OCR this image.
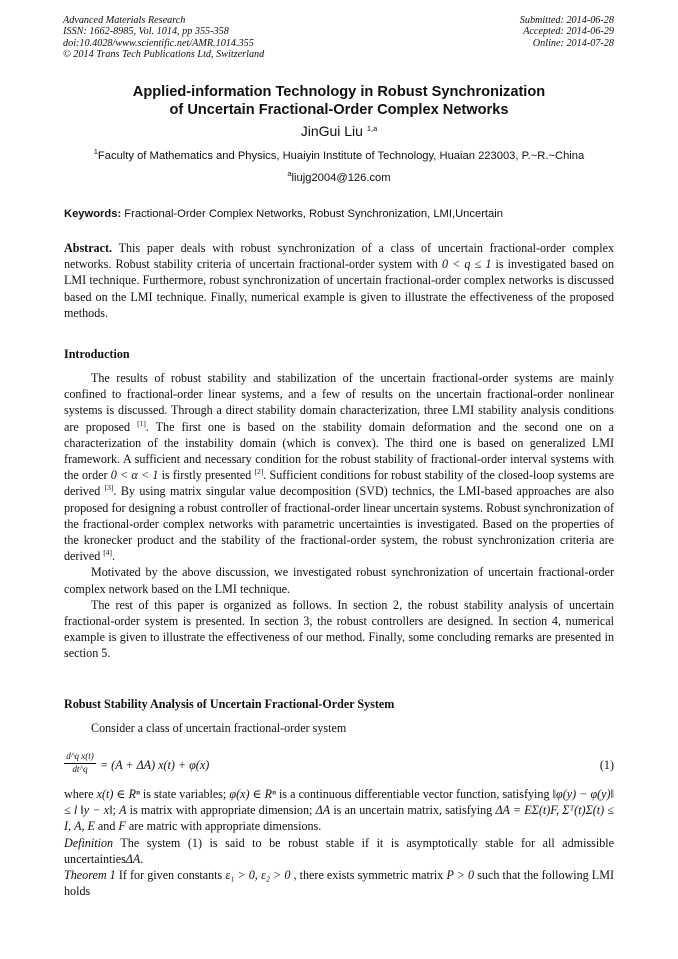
Advanced Materials Research
ISSN: 1662-8985, Vol. 1014, pp 355-358
doi:10.4028/www.scientific.net/AMR.1014.355
© 2014 Trans Tech Publications Ltd, Switzerland
Submitted: 2014-06-28
Accepted: 2014-06-29
Online: 2014-07-28
Applied-information Technology in Robust Synchronization
of Uncertain Fractional-Order Complex Networks
JinGui Liu $^{1,a}$
$^1$Faculty of Mathematics and Physics, Huaiyin Institute of Technology, Huaian 223003, P.~R.~China
$^a$liujg2004@126.com
Keywords: Fractional-Order Complex Networks, Robust Synchronization, LMI,Uncertain

Abstract. This paper deals with robust synchronization of a class of uncertain fractional-order complex networks. Robust stability criteria of uncertain fractional-order system with 0 < q ≤ 1 is investigated based on LMI technique. Furthermore, robust synchronization of uncertain fractional-order complex networks is discussed based on the LMI technique. Finally, numerical example is given to illustrate the effectiveness of the proposed methods.

Introduction

The results of robust stability and stabilization of the uncertain fractional-order systems are mainly confined to fractional-order linear systems, and a few of results on the uncertain fractional-order nonlinear systems is discussed. Through a direct stability domain characterization, three LMI stability analysis conditions are proposed [1]. The first one is based on the stability domain deformation and the second one on a characterization of the instability domain (which is convex). The third one is based on generalized LMI framework. A sufficient and necessary condition for the robust stability of fractional-order interval systems with the order 0 < α < 1 is firstly presented [2]. Sufficient conditions for robust stability of the closed-loop systems are derived [3]. By using matrix singular value decomposition (SVD) technics, the LMI-based approaches are also proposed for designing a robust controller of fractional-order linear uncertain systems. Robust synchronization of the fractional-order complex networks with parametric uncertainties is investigated. Based on the properties of the kronecker product and the stability of the fractional-order system, the robust synchronization criteria are derived [4].

Motivated by the above discussion, we investigated robust synchronization of uncertain fractional-order complex network based on the LMI technique.

The rest of this paper is organized as follows. In section 2, the robust stability analysis of uncertain fractional-order system is presented. In section 3, the robust controllers are designed. In section 4, numerical example is given to illustrate the effectiveness of our method. Finally, some concluding remarks are presented in section 5.

Robust Stability Analysis of Uncertain Fractional-Order System

Consider a class of uncertain fractional-order system

$\frac{\text{d\textasciicircum{}q x(t)}}{dt\^{}q} = (A + \Delta A) x(t) + \varphi(x)$	(1)

where x(t) ∈ Rⁿ is state variables; φ(x) ∈ Rⁿ is a continuous differentiable vector function, satisfying ‖φ(y) − φ(y)‖ ≤ l ‖y − x‖; A is matrix with appropriate dimension; ΔA is an uncertain matrix, satisfying ΔA = EΣ(t)F, Σᵀ(t)Σ(t) ≤ I, A, E and F are matric with appropriate dimensions.

Definition The system (1) is said to be robust stable if it is asymptotically stable for all admissible uncertaintiesΔA.

Theorem 1 If for given constants ε₁ > 0, ε₂ > 0 , there exists symmetric matrix P > 0 such that the following LMI holds
